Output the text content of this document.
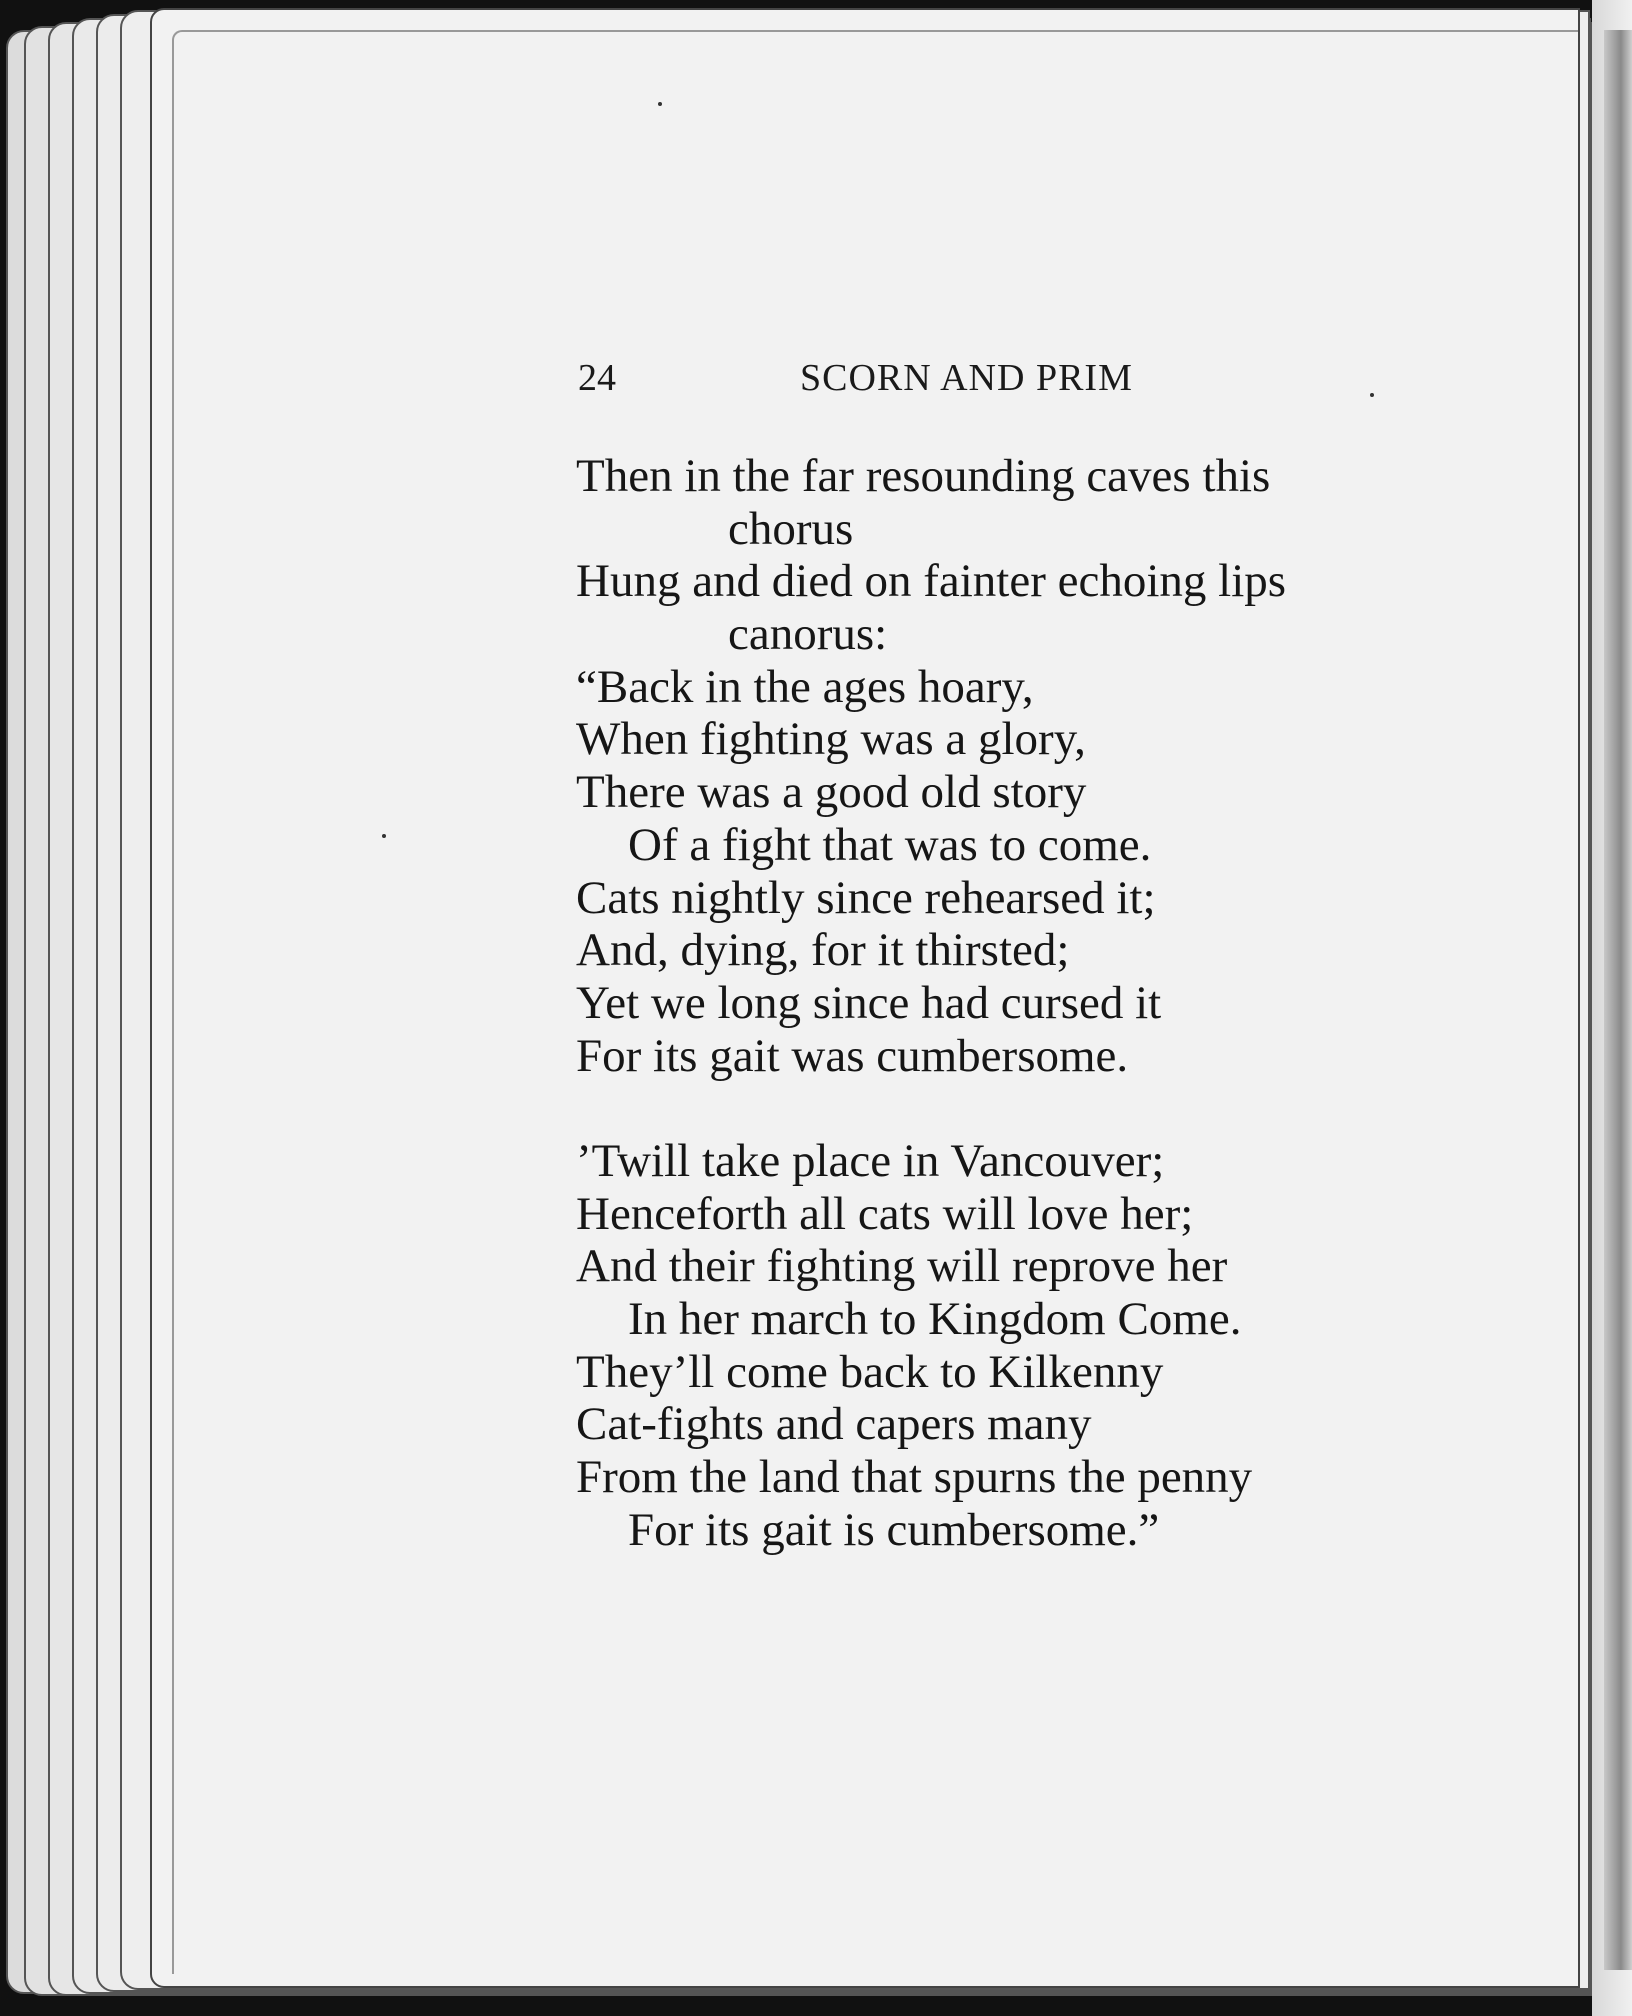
24	SCORN AND PRIM
Then in the far resounding caves this
chorus
Hung and died on fainter echoing lips
canorus:
“Back in the ages hoary,
When fighting was a glory,
There was a good old story
Of a fight that was to come.
Cats nightly since rehearsed it;
And, dying, for it thirsted;
Yet we long since had cursed it
For its gait was cumbersome.
’Twill take place in Vancouver;
Henceforth all cats will love her;
And their fighting will reprove her
In her march to Kingdom Come.
They’ll come back to Kilkenny
Cat-fights and capers many
From the land that spurns the penny
For its gait is cumbersome.”
